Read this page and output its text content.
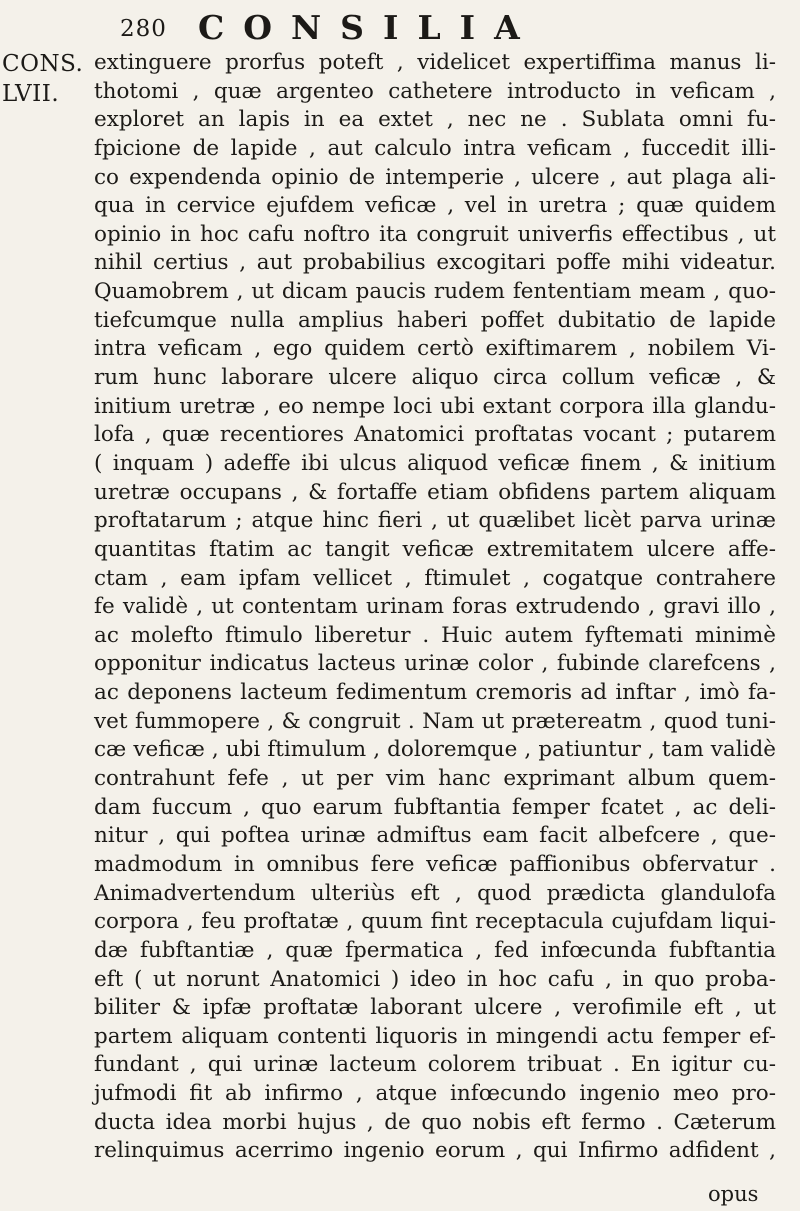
280 CONSILIA
CONS.
LVII.
extinguere prorfus poteft , videlicet expertiffima manus li-
thotomi , quæ argenteo cathetere introducto in veficam ,
exploret an lapis in ea extet , nec ne . Sublata omni fu-
fpicione de lapide , aut calculo intra veficam , fuccedit illi-
co expendenda opinio de intemperie , ulcere , aut plaga ali-
qua in cervice ejufdem veficæ , vel in uretra ; quæ quidem
opinio in hoc cafu noftro ita congruit univerfis effectibus , ut
nihil certius , aut probabilius excogitari poffe mihi videatur.
Quamobrem , ut dicam paucis rudem fententiam meam , quo-
tiefcumque nulla amplius haberi poffet dubitatio de lapide
intra veficam , ego quidem certò exiftimarem , nobilem Vi-
rum hunc laborare ulcere aliquo circa collum veficæ , &
initium uretræ , eo nempe loci ubi extant corpora illa glandu-
lofa , quæ recentiores Anatomici proftatas vocant ; putarem
( inquam ) adeffe ibi ulcus aliquod veficæ finem , & initium
uretræ occupans , & fortaffe etiam obfidens partem aliquam
proftatarum ; atque hinc fieri , ut quælibet licèt parva urinæ
quantitas ftatim ac tangit veficæ extremitatem ulcere affe-
ctam , eam ipfam vellicet , ftimulet , cogatque contrahere
fe validè , ut contentam urinam foras extrudendo , gravi illo ,
ac molefto ftimulo liberetur . Huic autem fyftemati minimè
opponitur indicatus lacteus urinæ color , fubinde clarefcens ,
ac deponens lacteum fedimentum cremoris ad inftar , imò fa-
vet fummopere , & congruit . Nam ut prætereatm , quod tuni-
cæ veficæ , ubi ftimulum , doloremque , patiuntur , tam validè
contrahunt fefe , ut per vim hanc exprimant album quem-
dam fuccum , quo earum fubftantia femper fcatet , ac deli-
nitur , qui poftea urinæ admiftus eam facit albefcere , que-
madmodum in omnibus fere veficæ paffionibus obfervatur .
Animadvertendum ulteriùs eft , quod prædicta glandulofa
corpora , feu proftatæ , quum fint receptacula cujufdam liqui-
dæ fubftantiæ , quæ fpermatica , fed infœcunda fubftantia
eft ( ut norunt Anatomici ) ideo in hoc cafu , in quo proba-
biliter & ipfæ proftatæ laborant ulcere , verofimile eft , ut
partem aliquam contenti liquoris in mingendi actu femper ef-
fundant , qui urinæ lacteum colorem tribuat . En igitur cu-
jufmodi fit ab infirmo , atque infœcundo ingenio meo pro-
ducta idea morbi hujus , de quo nobis eft fermo . Cæterum
relinquimus acerrimo ingenio eorum , qui Infirmo adfident ,
opus
